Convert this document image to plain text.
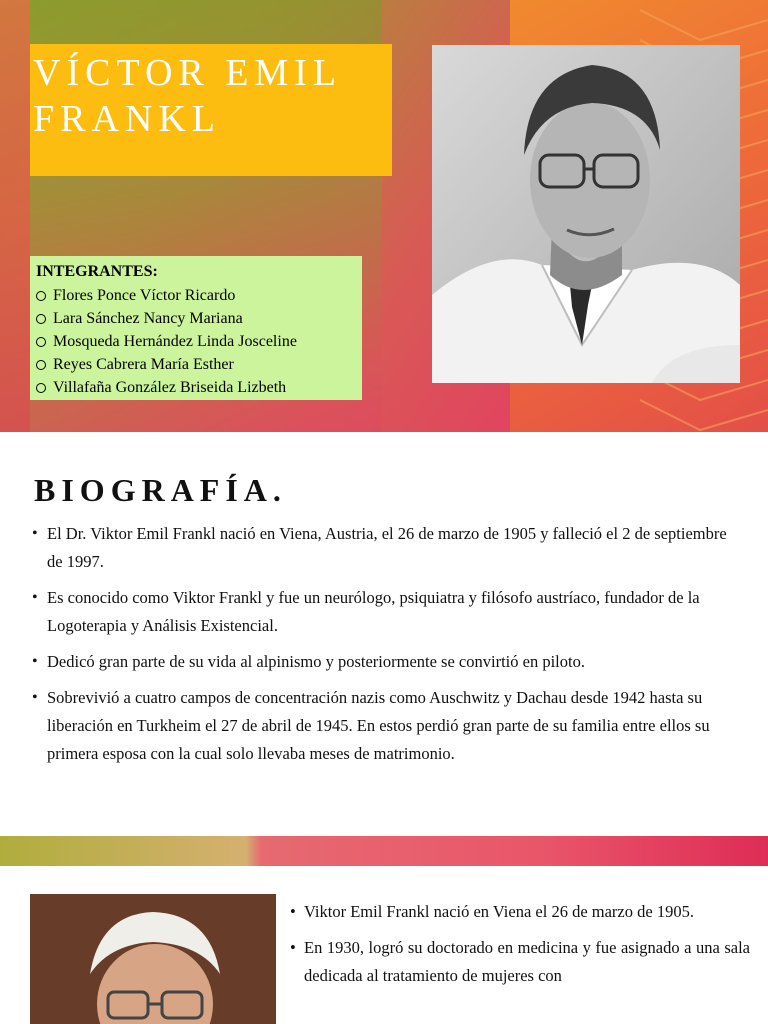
VÍCTOR EMIL FRANKL
INTEGRANTES:
Flores Ponce Víctor Ricardo
Lara Sánchez Nancy Mariana
Mosqueda Hernández Linda Josceline
Reyes Cabrera María Esther
Villafaña González Briseida Lizbeth
BIOGRAFÍA.
• El Dr. Viktor Emil Frankl nació en Viena, Austria, el 26 de marzo de 1905 y falleció el 2 de septiembre de 1997.
• Es conocido como Viktor Frankl y fue un neurólogo, psiquiatra y filósofo austríaco, fundador de la Logoterapia y Análisis Existencial.
• Dedicó gran parte de su vida al alpinismo y posteriormente se convirtió en piloto.
• Sobrevivió a cuatro campos de concentración nazis como Auschwitz y Dachau desde 1942 hasta su liberación en Turkheim el 27 de abril de 1945. En estos perdió gran parte de su familia entre ellos su primera esposa con la cual solo llevaba meses de matrimonio.
• Viktor Emil Frankl nació en Viena el 26 de marzo de 1905.
• En 1930, logró su doctorado en medicina y fue asignado a una sala dedicada al tratamiento de mujeres con
